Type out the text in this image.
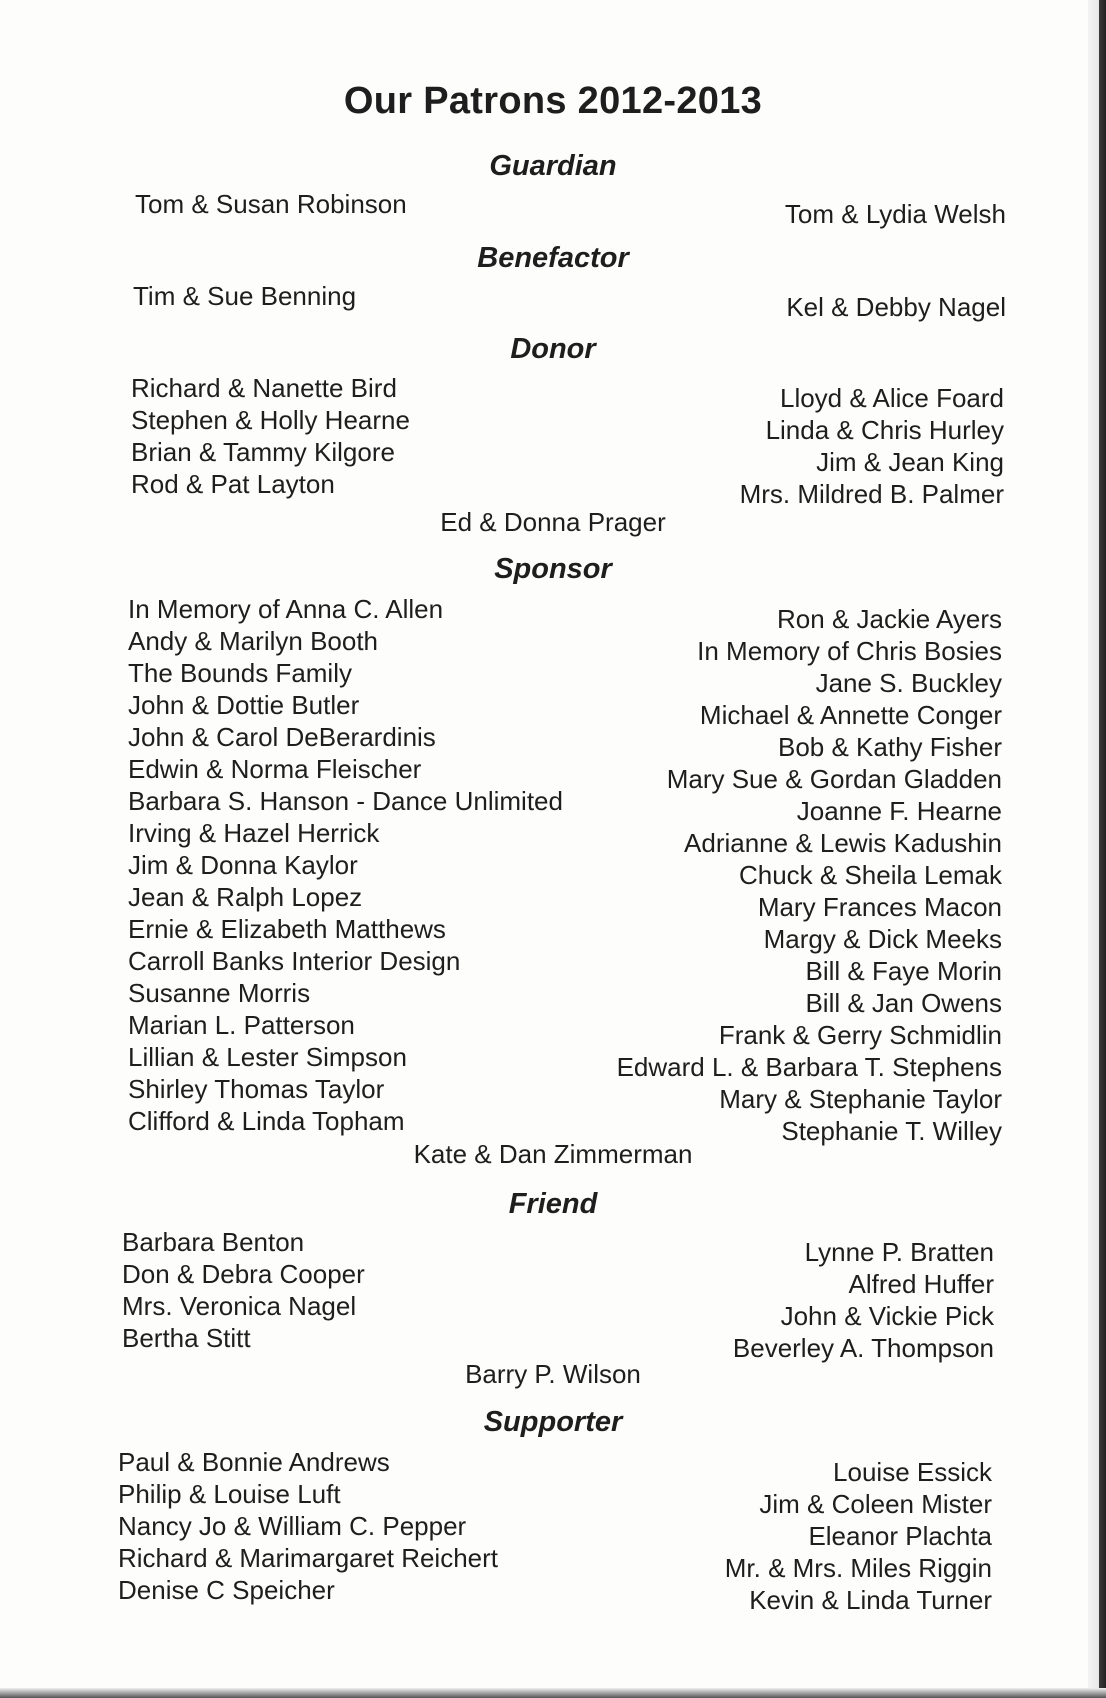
Our Patrons 2012-2013
Guardian
Tom & Susan Robinson	Tom & Lydia Welsh
Benefactor
Tim & Sue Benning	Kel & Debby Nagel
Donor
Richard & Nanette Bird
Stephen & Holly Hearne
Brian & Tammy Kilgore
Rod & Pat Layton
Lloyd & Alice Foard
Linda & Chris Hurley
Jim & Jean King
Mrs. Mildred B. Palmer
Ed & Donna Prager
Sponsor
In Memory of Anna C. Allen
Andy & Marilyn Booth
The Bounds Family
John & Dottie Butler
John & Carol DeBerardinis
Edwin & Norma Fleischer
Barbara S. Hanson - Dance Unlimited
Irving & Hazel Herrick
Jim & Donna Kaylor
Jean & Ralph Lopez
Ernie & Elizabeth Matthews
Carroll Banks Interior Design
Susanne Morris
Marian L. Patterson
Lillian & Lester Simpson
Shirley Thomas Taylor
Clifford & Linda Topham
Ron & Jackie Ayers
In Memory of Chris Bosies
Jane S. Buckley
Michael & Annette Conger
Bob & Kathy Fisher
Mary Sue & Gordan Gladden
Joanne F. Hearne
Adrianne & Lewis Kadushin
Chuck & Sheila Lemak
Mary Frances Macon
Margy & Dick Meeks
Bill & Faye Morin
Bill & Jan Owens
Frank & Gerry Schmidlin
Edward L. & Barbara T. Stephens
Mary & Stephanie Taylor
Stephanie T. Willey
Kate & Dan Zimmerman
Friend
Barbara Benton
Don & Debra Cooper
Mrs. Veronica Nagel
Bertha Stitt
Lynne P. Bratten
Alfred Huffer
John & Vickie Pick
Beverley A. Thompson
Barry P. Wilson
Supporter
Paul & Bonnie Andrews
Philip & Louise Luft
Nancy Jo & William C. Pepper
Richard & Marimargaret Reichert
Denise C Speicher
Louise Essick
Jim & Coleen Mister
Eleanor Plachta
Mr. & Mrs. Miles Riggin
Kevin & Linda Turner
